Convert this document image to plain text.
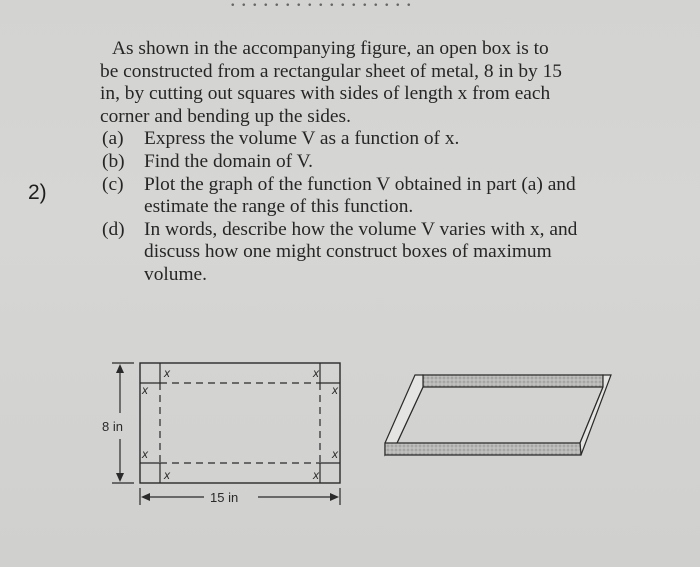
2)
As shown in the accompanying figure, an open box is to
be constructed from a rectangular sheet of metal, 8 in by 15
in, by cutting out squares with sides of length x from each
corner and bending up the sides.
(a) Express the volume V as a function of x.
(b) Find the domain of V.
(c) Plot the graph of the function V obtained in part (a) and
estimate the range of this function.
(d) In words, describe how the volume V varies with x, and
discuss how one might construct boxes of maximum
volume.
x	x
x	x
x	x
x	x
8 in
15 in
